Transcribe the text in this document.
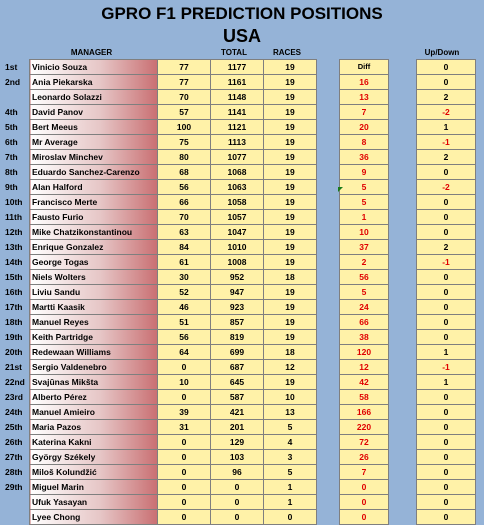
GPRO F1 PREDICTION POSITIONS
USA
MANAGER	TOTAL	RACES	Up/Down
1st	Vinicio Souza	77	1177	19		Diff		0
2nd	Ania Piekarska	77	1161	19		16		0
	Leonardo Solazzi	70	1148	19		13		2
4th	David Panov	57	1141	19		7		-2
5th	Bert Meeus	100	1121	19		20		1
6th	Mr Average	75	1113	19		8		-1
7th	Miroslav Minchev	80	1077	19		36		2
8th	Eduardo Sanchez-Carenzo	68	1068	19		9		0
9th	Alan Halford	56	1063	19		5		-2
10th	Francisco Merte	66	1058	19		5		0
11th	Fausto Furio	70	1057	19		1		0
12th	Mike Chatzikonstantinou	63	1047	19		10		0
13th	Enrique Gonzalez	84	1010	19		37		2
14th	George Togas	61	1008	19		2		-1
15th	Niels Wolters	30	952	18		56		0
16th	Liviu Sandu	52	947	19		5		0
17th	Martti Kaasik	46	923	19		24		0
18th	Manuel Reyes	51	857	19		66		0
19th	Keith Partridge	56	819	19		38		0
20th	Redewaan Williams	64	699	18		120		1
21st	Sergio Valdenebro	0	687	12		12		-1
22nd	Svajūnas Mikšta	10	645	19		42		1
23rd	Alberto Pérez	0	587	10		58		0
24th	Manuel Amieiro	39	421	13		166		0
25th	Maria Pazos	31	201	5		220		0
26th	Katerina Kakni	0	129	4		72		0
27th	György Székely	0	103	3		26		0
28th	Miloš Kolundžić	0	96	5		7		0
29th	Miguel Marin	0	0	1		0		0
	Ufuk Yasayan	0	0	1		0		0
	Lyee Chong	0	0	0		0		0
